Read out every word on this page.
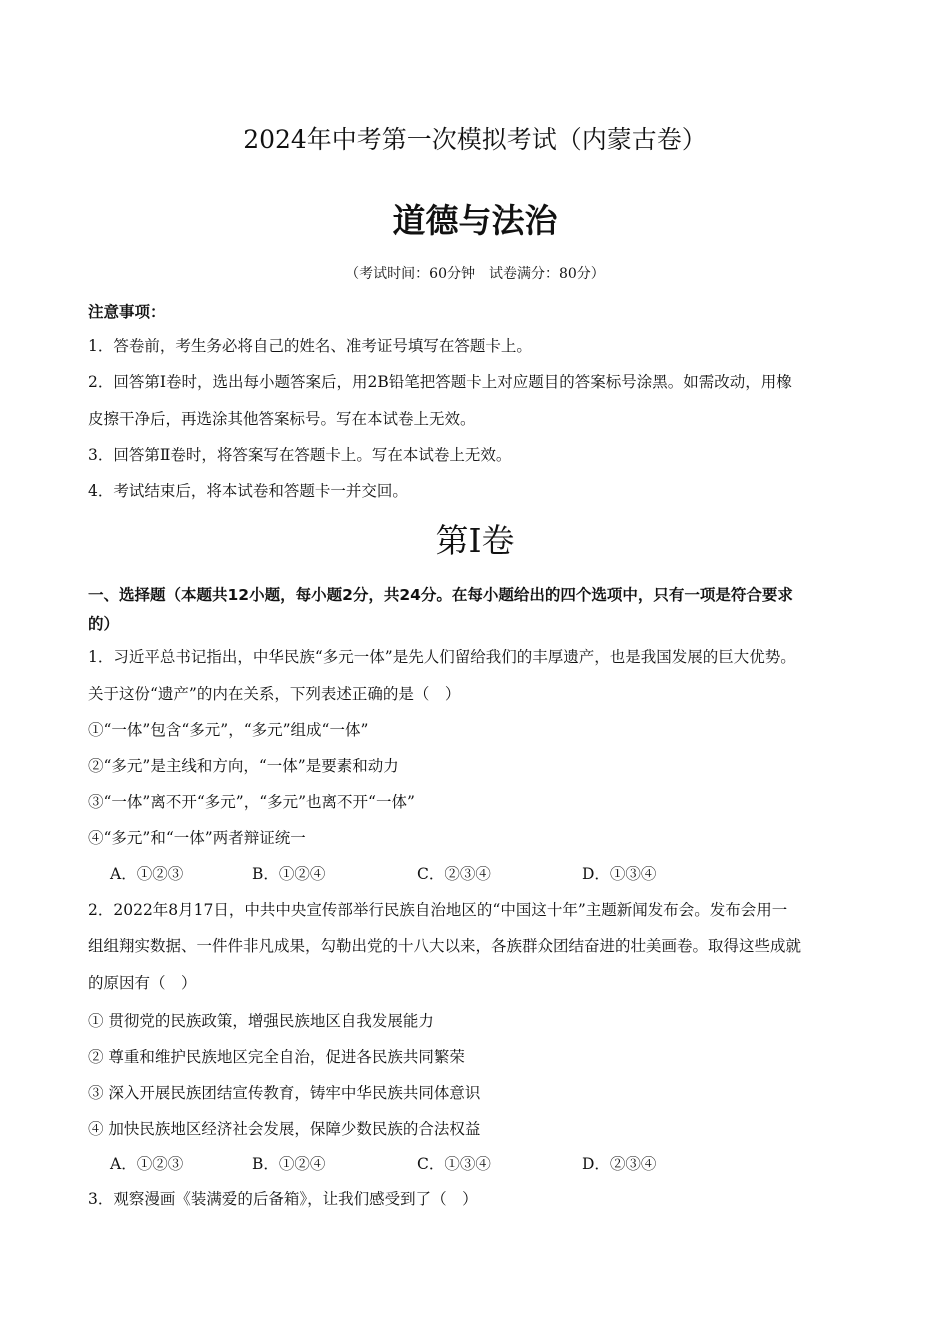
2024年中考第一次模拟考试（内蒙古卷）
道德与法治
（考试时间：60分钟　试卷满分：80分）
注意事项：
1．答卷前，考生务必将自己的姓名、准考证号填写在答题卡上。
2．回答第Ⅰ卷时，选出每小题答案后，用2B铅笔把答题卡上对应题目的答案标号涂黑。如需改动，用橡
皮擦干净后，再选涂其他答案标号。写在本试卷上无效。
3．回答第Ⅱ卷时，将答案写在答题卡上。写在本试卷上无效。
4．考试结束后，将本试卷和答题卡一并交回。
第Ⅰ卷
一、选择题（本题共12小题，每小题2分，共24分。在每小题给出的四个选项中，只有一项是符合要求
的）
1．习近平总书记指出，中华民族“多元一体”是先人们留给我们的丰厚遗产，也是我国发展的巨大优势。
关于这份“遗产”的内在关系，下列表述正确的是（　）
①“一体”包含“多元”，“多元”组成“一体”
②“多元”是主线和方向，“一体”是要素和动力
③“一体”离不开“多元”，“多元”也离不开“一体”
④“多元”和“一体”两者辩证统一
A．①②③	B．①②④	C．②③④	D．①③④
2．2022年8月17日，中共中央宣传部举行民族自治地区的“中国这十年”主题新闻发布会。发布会用一
组组翔实数据、一件件非凡成果，勾勒出党的十八大以来，各族群众团结奋进的壮美画卷。取得这些成就
的原因有（　）
① 贯彻党的民族政策，增强民族地区自我发展能力
② 尊重和维护民族地区完全自治，促进各民族共同繁荣
③ 深入开展民族团结宣传教育，铸牢中华民族共同体意识
④ 加快民族地区经济社会发展，保障少数民族的合法权益
A．①②③	B．①②④	C．①③④	D．②③④
3．观察漫画《装满爱的后备箱》，让我们感受到了（　）
